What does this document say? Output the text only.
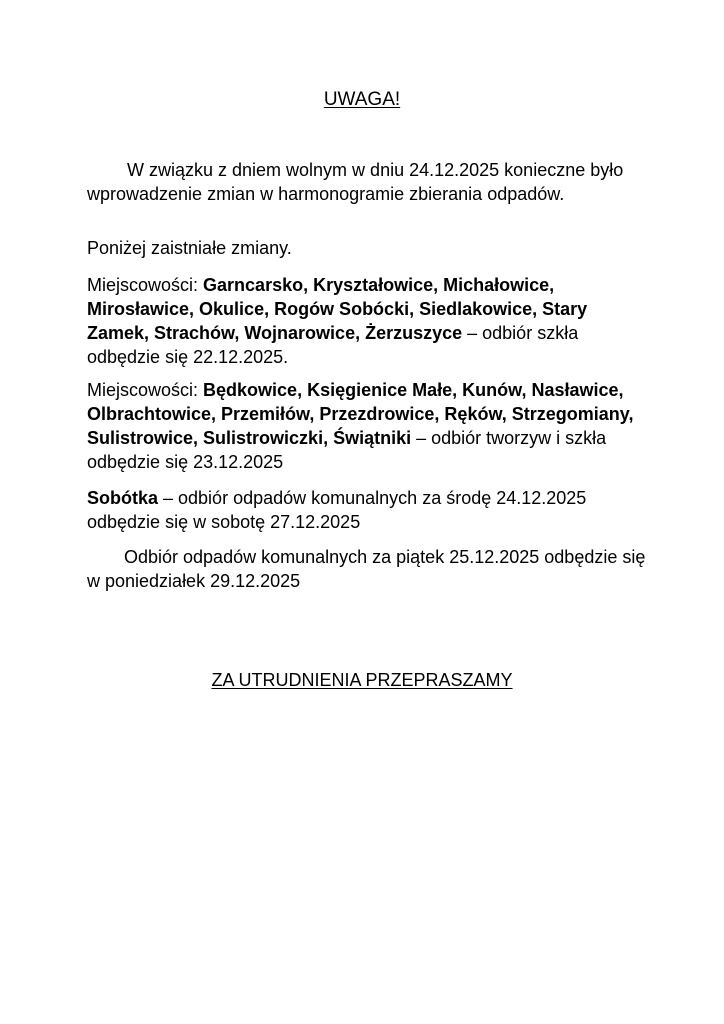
UWAGA!

W związku z dniem wolnym w dniu 24.12.2025 konieczne było wprowadzenie zmian w harmonogramie zbierania odpadów.

Poniżej zaistniałe zmiany.

Miejscowości: Garncarsko, Kryształowice, Michałowice, Mirosławice, Okulice, Rogów Sobócki, Siedlakowice, Stary Zamek, Strachów, Wojnarowice, Żerzuszyce – odbiór szkła odbędzie się 22.12.2025.

Miejscowości: Będkowice, Księgienice Małe, Kunów, Nasławice, Olbrachtowice, Przemiłów, Przezdrowice, Ręków, Strzegomiany, Sulistrowice, Sulistrowiczki, Świątniki – odbiór tworzyw i szkła odbędzie się 23.12.2025

Sobótka – odbiór odpadów komunalnych za środę 24.12.2025 odbędzie się w sobotę 27.12.2025

Odbiór odpadów komunalnych za piątek 25.12.2025 odbędzie się w poniedziałek 29.12.2025

ZA UTRUDNIENIA PRZEPRASZAMY
